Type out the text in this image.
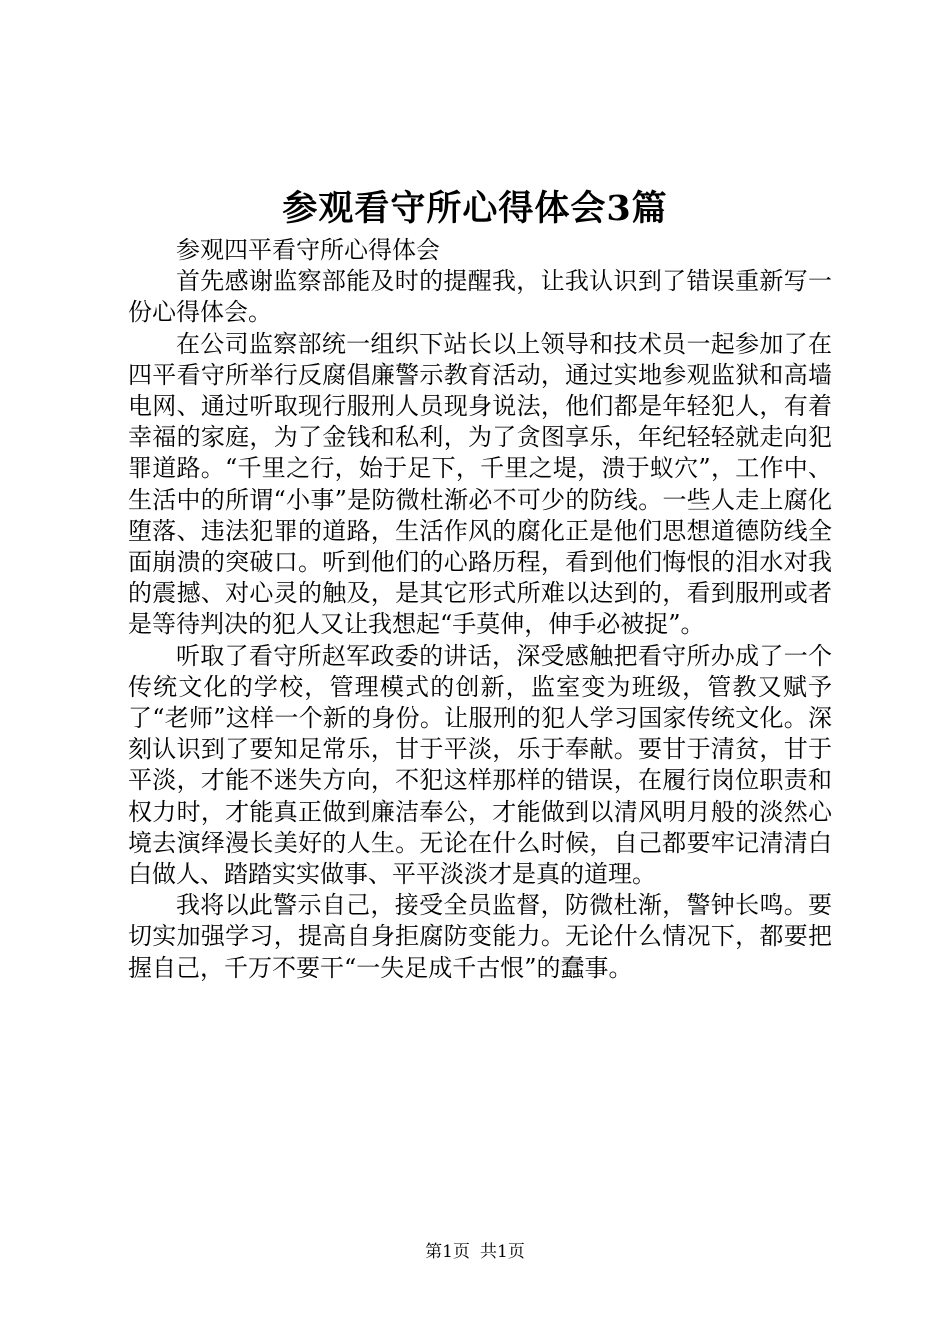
参观看守所心得体会3篇

参观四平看守所心得体会

首先感谢监察部能及时的提醒我，让我认识到了错误重新写一份心得体会。

在公司监察部统一组织下站长以上领导和技术员一起参加了在四平看守所举行反腐倡廉警示教育活动，通过实地参观监狱和高墙电网、通过听取现行服刑人员现身说法，他们都是年轻犯人，有着幸福的家庭，为了金钱和私利，为了贪图享乐，年纪轻轻就走向犯罪道路。“千里之行，始于足下，千里之堤，溃于蚁穴”，工作中、生活中的所谓“小事”是防微杜渐必不可少的防线。一些人走上腐化堕落、违法犯罪的道路，生活作风的腐化正是他们思想道德防线全面崩溃的突破口。听到他们的心路历程，看到他们悔恨的泪水对我的震撼、对心灵的触及，是其它形式所难以达到的，看到服刑或者是等待判决的犯人又让我想起“手莫伸，伸手必被捉”。

听取了看守所赵军政委的讲话，深受感触把看守所办成了一个传统文化的学校，管理模式的创新，监室变为班级，管教又赋予了“老师”这样一个新的身份。让服刑的犯人学习国家传统文化。深刻认识到了要知足常乐，甘于平淡，乐于奉献。要甘于清贫，甘于平淡，才能不迷失方向，不犯这样那样的错误，在履行岗位职责和权力时，才能真正做到廉洁奉公，才能做到以清风明月般的淡然心境去演绎漫长美好的人生。无论在什么时候，自己都要牢记清清白白做人、踏踏实实做事、平平淡淡才是真的道理。

我将以此警示自己，接受全员监督，防微杜渐，警钟长鸣。要切实加强学习，提高自身拒腐防变能力。无论什么情况下，都要把握自己，千万不要干“一失足成千古恨”的蠢事。

第1页 共1页
